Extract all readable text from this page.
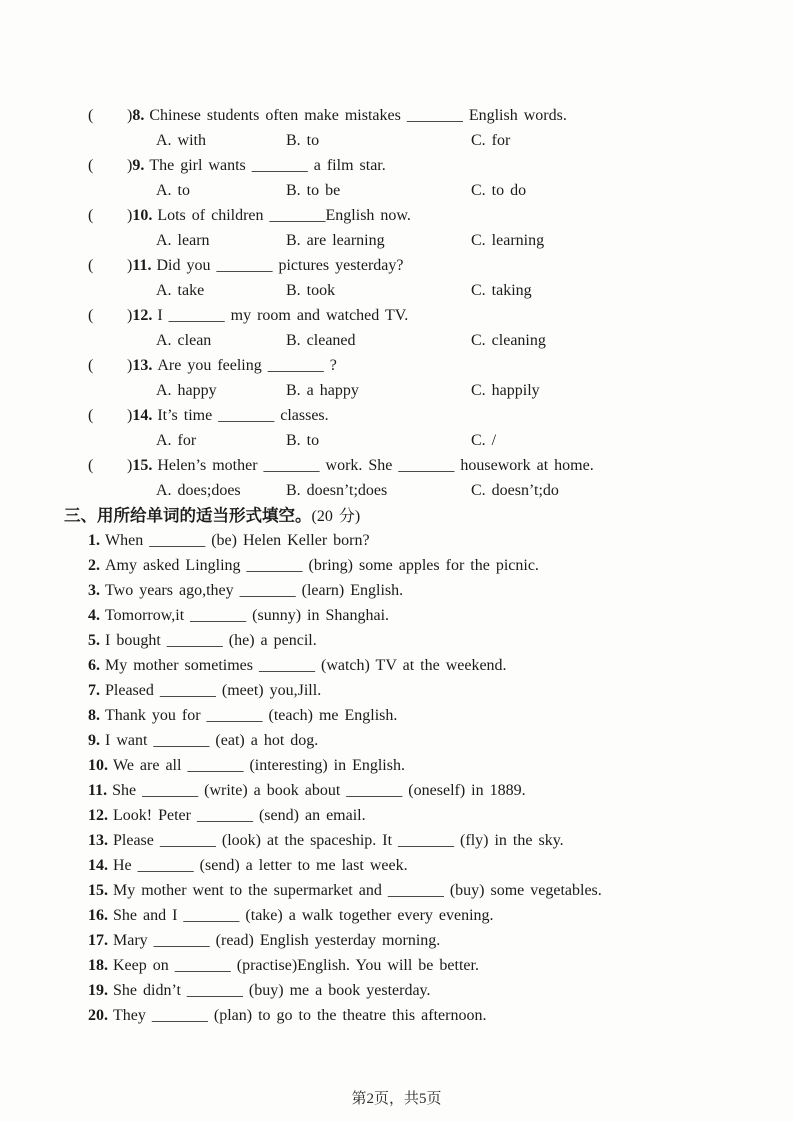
(	)8. Chinese students often make mistakes _______ English words.
A. with	B. to	C. for
(	)9. The girl wants _______ a film star.
A. to	B. to be	C. to do
(	)10. Lots of children _______English now.
A. learn	B. are learning	C. learning
(	)11. Did you _______ pictures yesterday?
A. take	B. took	C. taking
(	)12. I _______ my room and watched TV.
A. clean	B. cleaned	C. cleaning
(	)13. Are you feeling _______ ?
A. happy	B. a happy	C. happily
(	)14. It’s time _______ classes.
A. for	B. to	C. /
(	)15. Helen’s mother _______ work. She _______ housework at home.
A. does;does	B. doesn’t;does	C. doesn’t;do
三、用所给单词的适当形式填空。(20 分)
1. When _______ (be) Helen Keller born?
2. Amy asked Lingling _______ (bring) some apples for the picnic.
3. Two years ago,they _______ (learn) English.
4. Tomorrow,it _______ (sunny) in Shanghai.
5. I bought _______ (he) a pencil.
6. My mother sometimes _______ (watch) TV at the weekend.
7. Pleased _______ (meet) you,Jill.
8. Thank you for _______ (teach) me English.
9. I want _______ (eat) a hot dog.
10. We are all _______ (interesting) in English.
11. She _______ (write) a book about _______ (oneself) in 1889.
12. Look! Peter _______ (send) an email.
13. Please _______ (look) at the spaceship. It _______ (fly) in the sky.
14. He _______ (send) a letter to me last week.
15. My mother went to the supermarket and _______ (buy) some vegetables.
16. She and I _______ (take) a walk together every evening.
17. Mary _______ (read) English yesterday morning.
18. Keep on _______ (practise)English. You will be better.
19. She didn’t _______ (buy) me a book yesterday.
20. They _______ (plan) to go to the theatre this afternoon.
第2页，共5页
